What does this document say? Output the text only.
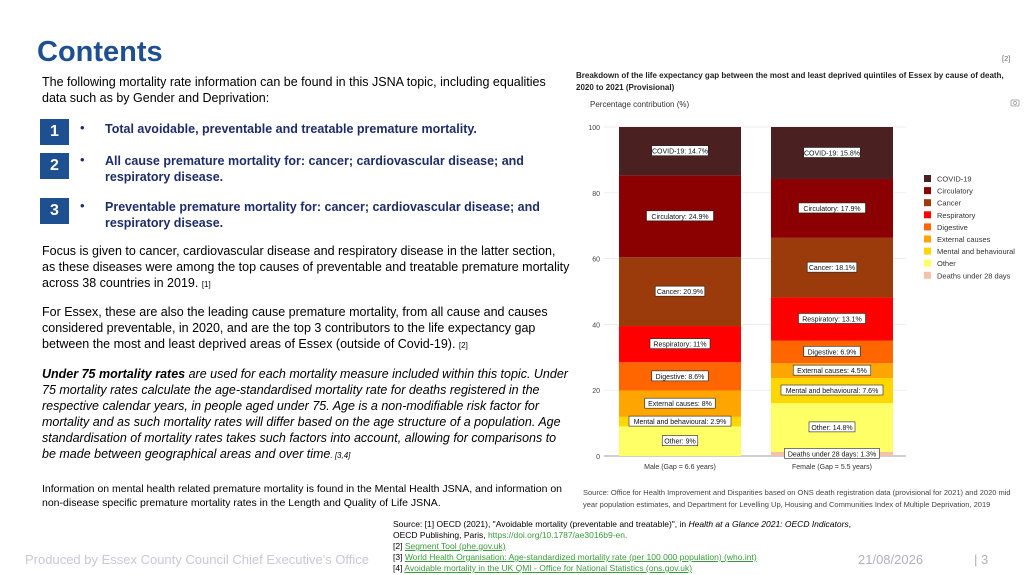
Contents
The following mortality rate information can be found in this JSNA topic, including equalities data such as by Gender and Deprivation:
1	• Total avoidable, preventable and treatable premature mortality.
2	• All cause premature mortality for: cancer; cardiovascular disease; and respiratory disease.
3	• Preventable premature mortality for: cancer; cardiovascular disease; and respiratory disease.
Focus is given to cancer, cardiovascular disease and respiratory disease in the latter section, as these diseases were among the top causes of preventable and treatable premature mortality across 38 countries in 2019. [1]
For Essex, these are also the leading cause premature mortality, from all cause and causes considered preventable, in 2020, and are the top 3 contributors to the life expectancy gap between the most and least deprived areas of Essex (outside of Covid-19). [2]
Under 75 mortality rates are used for each mortality measure included within this topic. Under 75 mortality rates calculate the age-standardised mortality rate for deaths registered in the respective calendar years, in people aged under 75. Age is a non-modifiable risk factor for mortality and as such mortality rates will differ based on the age structure of a population. Age standardisation of mortality rates takes such factors into account, allowing for comparisons to be made between geographical areas and over time. [3,4]
Information on mental health related premature mortality is found in the Mental Health JSNA, and information on non-disease specific premature mortality rates in the Length and Quality of Life JSNA.
Source: [1] OECD (2021), "Avoidable mortality (preventable and treatable)", in Health at a Glance 2021: OECD Indicators,
OECD Publishing, Paris, https://doi.org/10.1787/ae3016b9-en.
[2] Segment Tool (phe.gov.uk)
[3] World Health Organisation: Age-standardized mortality rate (per 100 000 population) (who.int)
[4] Avoidable mortality in the UK QMI - Office for National Statistics (ons.gov.uk)
Produced by Essex County Council Chief Executive's Office	21/08/2026	| 3
[2]
Breakdown of the life expectancy gap between the most and least deprived quintiles of Essex by cause of death, 2020 to 2021 (Provisional)
Percentage contribution (%)
0
20
40
60
80
100
Other: 9%
Mental and behavioural: 2.9%
External causes: 8%
Digestive: 8.6%
Respiratory: 11%
Cancer: 20.9%
Circulatory: 24.9%
COVID-19: 14.7%
Deaths under 28 days: 1.3%
Other: 14.8%
Mental and behavioural: 7.6%
External causes: 4.5%
Digestive: 6.9%
Respiratory: 13.1%
Cancer: 18.1%
Circulatory: 17.9%
COVID-19: 15.8%
Male (Gap = 6.6 years)	Female (Gap = 5.5 years)
COVID-19
Circulatory
Cancer
Respiratory
Digestive
External causes
Mental and behavioural
Other
Deaths under 28 days
Source: Office for Health Improvement and Disparities based on ONS death registration data (provisional for 2021) and 2020 mid year population estimates, and Department for Levelling Up, Housing and Communities Index of Multiple Deprivation, 2019
